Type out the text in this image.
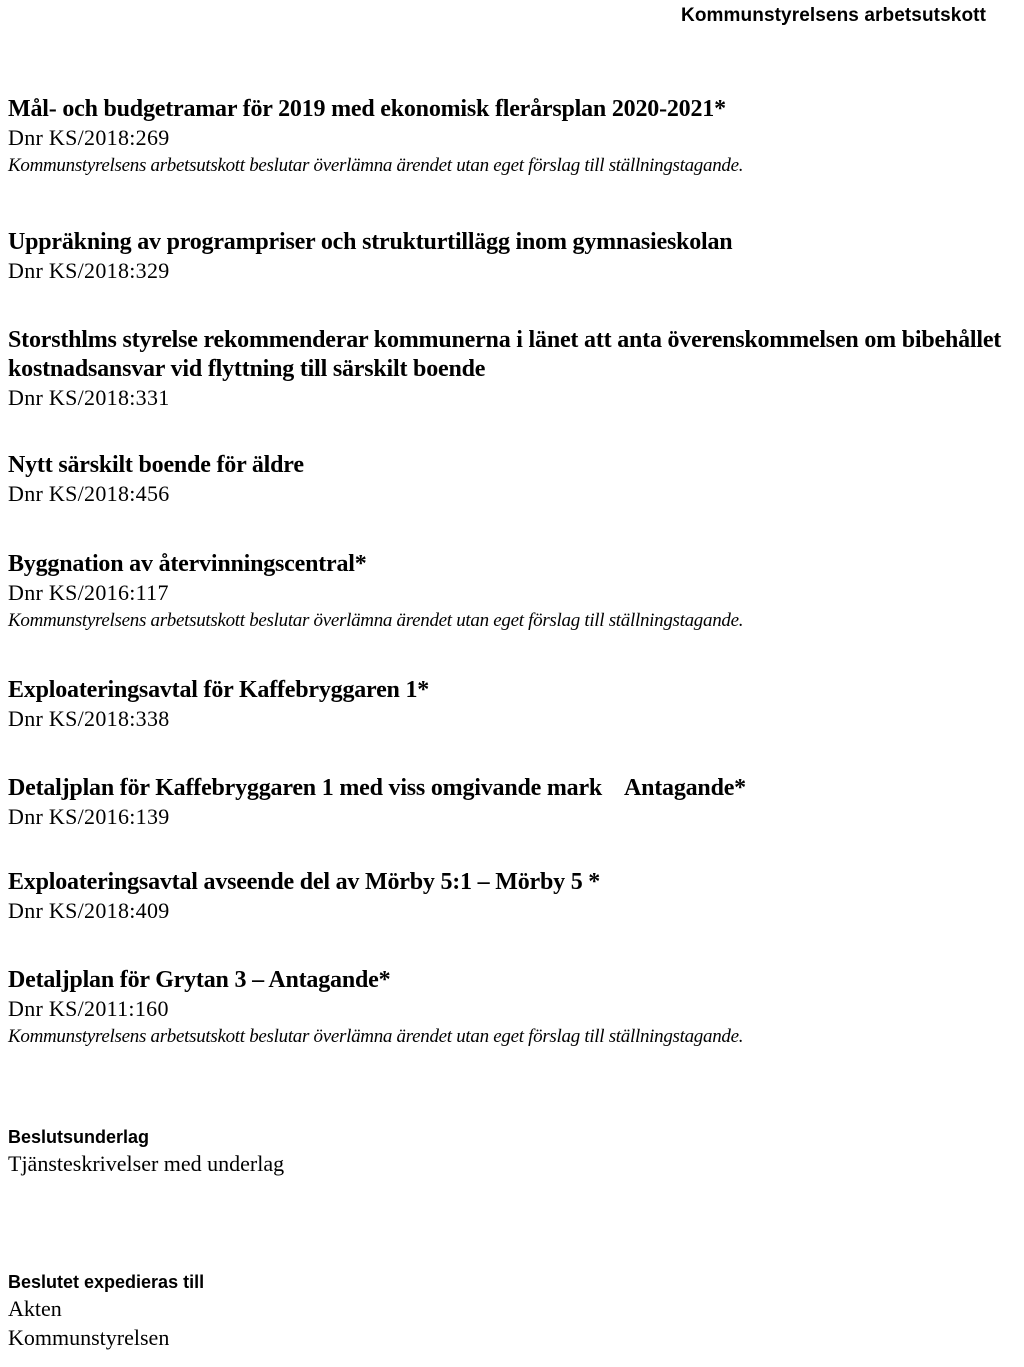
Kommunstyrelsens arbetsutskott
Mål- och budgetramar för 2019 med ekonomisk flerårsplan 2020-2021*
Dnr KS/2018:269
Kommunstyrelsens arbetsutskott beslutar överlämna ärendet utan eget förslag till ställningstagande.
Uppräkning av programpriser och strukturtillägg inom gymnasieskolan
Dnr KS/2018:329
Storsthlms styrelse rekommenderar kommunerna i länet att anta överenskommelsen om bibehållet kostnadsansvar vid flyttning till särskilt boende
Dnr KS/2018:331
Nytt särskilt boende för äldre
Dnr KS/2018:456
Byggnation av återvinningscentral*
Dnr KS/2016:117
Kommunstyrelsens arbetsutskott beslutar överlämna ärendet utan eget förslag till ställningstagande.
Exploateringsavtal för Kaffebryggaren 1*
Dnr KS/2018:338
Detaljplan för Kaffebryggaren 1 med viss omgivande mark    Antagande*
Dnr KS/2016:139
Exploateringsavtal avseende del av Mörby 5:1 – Mörby 5 *
Dnr KS/2018:409
Detaljplan för Grytan 3 – Antagande*
Dnr KS/2011:160
Kommunstyrelsens arbetsutskott beslutar överlämna ärendet utan eget förslag till ställningstagande.
Beslutsunderlag
Tjänsteskrivelser med underlag
Beslutet expedieras till
Akten
Kommunstyrelsen
